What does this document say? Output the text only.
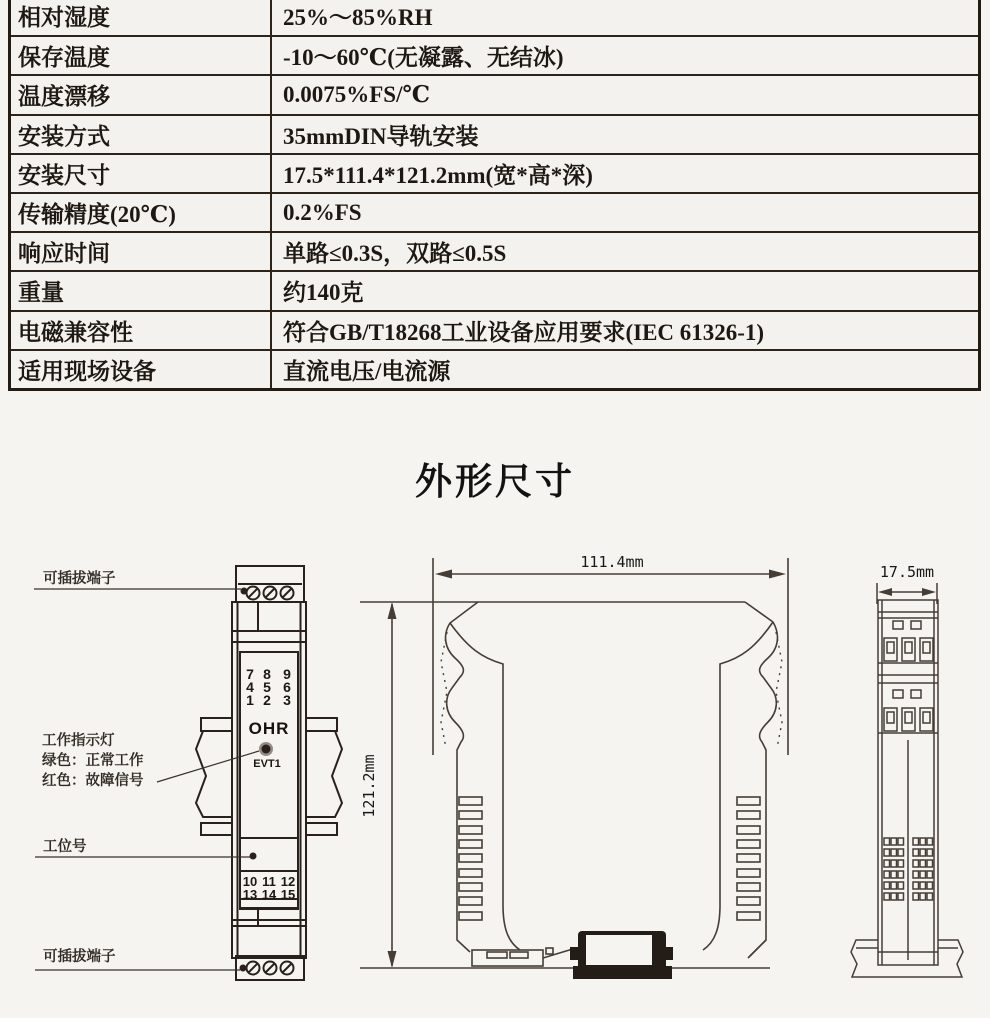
相对湿度	25%～85%RH
保存温度	-10～60℃(无凝露、无结冰)
温度漂移	0.0075%FS/℃
安装方式	35mmDIN导轨安装
安装尺寸	17.5*111.4*121.2mm(宽*高*深)
传输精度(20℃)	0.2%FS
响应时间	单路≤0.3S，双路≤0.5S
重量	约140克
电磁兼容性	符合GB/T18268工业设备应用要求(IEC 61326-1)
适用现场设备	直流电压/电流源
外形尺寸
7 8 9
4 5 6
1 2 3
OHR
EVT1
10 11 12
13 14 15
可插拔端子
工作指示灯
绿色：正常工作
红色：故障信号
工位号
可插拔端子
111.4mm
121.2mm
17.5mm
